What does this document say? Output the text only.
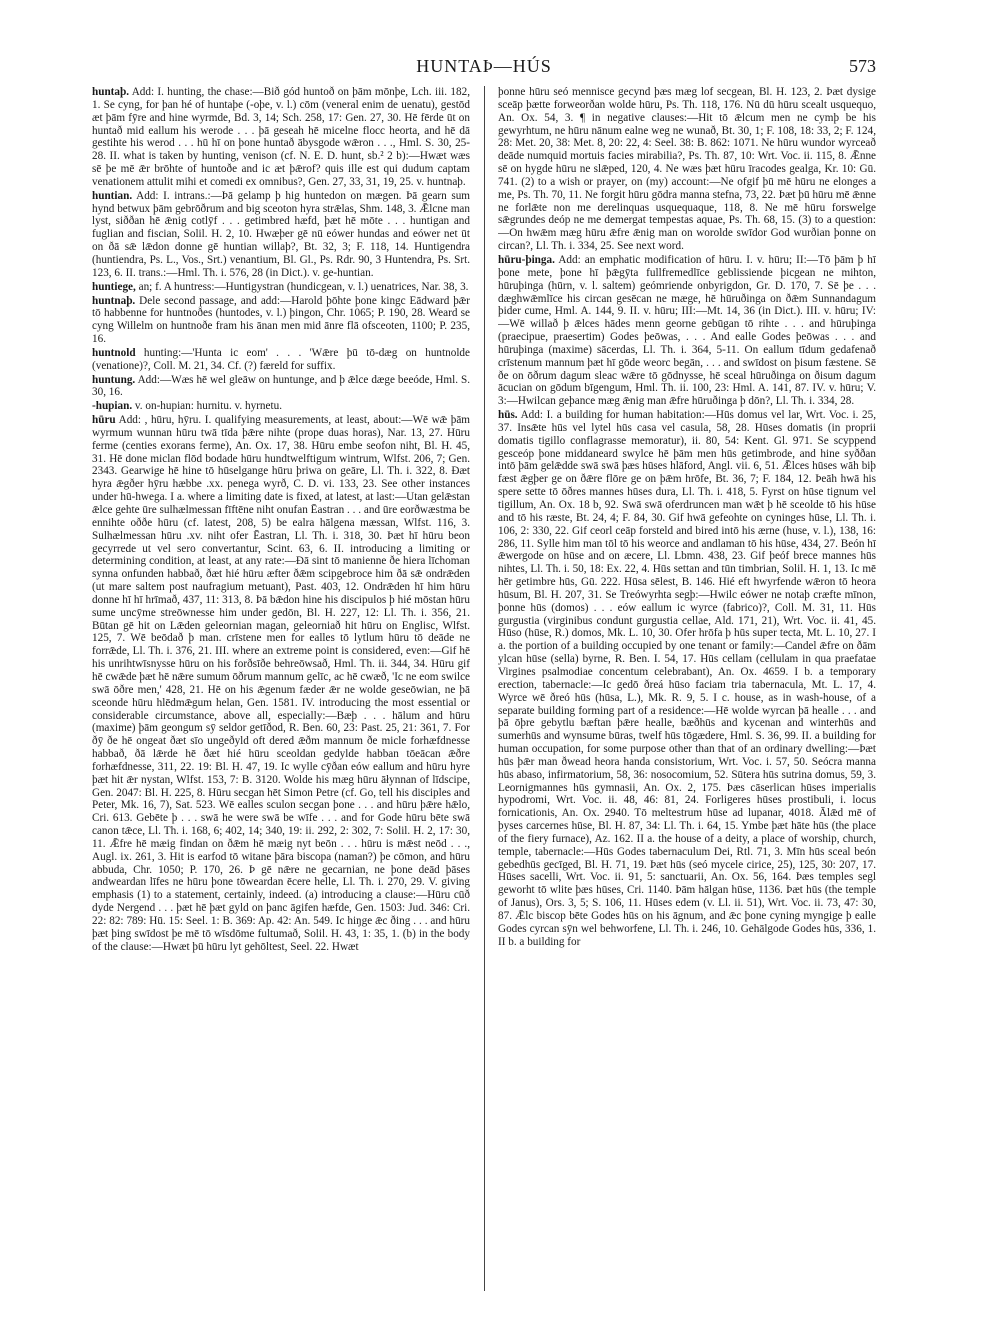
HUNTAÞ—HÚS	573

huntaþ. Add: I. hunting, the chase:—Bið gód huntoð on þām mōnþe, Lch. iii. 182, 1. Se cyng, for þan hé of huntaþe (-oþe, v. l.) cōm (veneral enim de uenatu), gestōd æt þām fȳre and hine wyrmde, Bd. 3, 14; Sch. 258, 17: Gen. 27, 30. Hē fērde ūt on huntað mid eallum his werode . . . þā geseah hē micelne flocc heorta, and hē dā gestihte his werod . . . hū hī on þone huntað ābysgode wǣron . . ., Hml. S. 30, 25-28. II. what is taken by hunting, venison (cf. N. E. D. hunt, sb.² 2 b):—Hwæt wæs sē þe mē ǣr brōhte of huntoðe and ic æt þǣrof? quis ille est qui dudum captam venationem attulit mihi et comedi ex omnibus?, Gen. 27, 33, 31, 19, 25. v. huntnaþ.

huntian. Add: I. intrans.:—Þā gelamp þ hig huntedon on mægen. Þā gearn sum hynd betwux þām gebrōðrum and big sceoton hyra strǣlas, Shm. 148, 3. Ǣlcne man lyst, siððan hē ǣnig cotlȳf . . . getimbred hæfd, þæt hē mōte . . . huntigan and fuglian and fiscian, Solil. H. 2, 10. Hwæþer gē nū eówer hundas and eówer net ūt on ðā sǣ lǣdon donne gē huntian willaþ?, Bt. 32, 3; F. 118, 14. Huntigendra (huntiendra, Ps. L., Vos., Srt.) venantium, Bl. Gl., Ps. Rdr. 90, 3 Huntendra, Ps. Srt. 123, 6. II. trans.:—Hml. Th. i. 576, 28 (in Dict.). v. ge-huntian.

huntiege, an; f. A huntress:—Huntigystran (hundicgean, v. l.) uenatrices, Nar. 38, 3.

huntnaþ. Dele second passage, and add:—Harold þōhte þone kingc Eādward þǣr tō habbenne for huntnoðes (huntodes, v. l.) þingon, Chr. 1065; P. 190, 28. Weard se cyng Willelm on huntnoðe fram his ānan men mid ānre flā ofsceoten, 1100; P. 235, 16.

huntnold hunting:—'Hunta ic eom' . . . 'Wǣre þū tō-dæg on huntnolde (venatione)?, Coll. M. 21, 34. Cf. (?) færeld for suffix.

huntung. Add:—Wæs hē wel gleāw on huntunge, and þ ǣlce dæge beeóde, Hml. S. 30, 16.

-hupian. v. on-hupian: hurnitu. v. hyrnetu.

hūru Add: , hūru, hȳru. I. qualifying measurements, at least, about:—Wē wǣ þām wyrmum wunnan hūru twā tīda þǣre nihte (prope duas horas), Nar. 13, 27. Hūru ferme (centies exorans ferme), An. Ox. 17, 38. Hūru embe seofon niht, Bl. H. 45, 31. Hē done miclan flōd bodade hūru hundtwelftigum wintrum, Wlfst. 206, 7; Gen. 2343. Gearwige hē hine tō hūselgange hūru þriwa on geāre, Ll. Th. i. 322, 8. Ðæt hyra ǣgðer hȳru hæbbe .xx. penega wyrð, C. D. vi. 133, 23. See other instances under hū-hwega. I a. where a limiting date is fixed, at latest, at last:—Utan gelǣstan ǣlce gehte ūre sulhælmessan fīftēne niht onufan Ēastran . . . and ūre eorðwæstma be ennihte oððe hūru (cf. latest, 208, 5) be ealra hālgena mæssan, Wlfst. 116, 3. Sulhælmessan hūru .xv. niht ofer Ēastran, Ll. Th. i. 318, 30. Þæt hī hūru beon gecyrrede ut vel sero convertantur, Scint. 63, 6. II. introducing a limiting or determining condition, at least, at any rate:—Ðā sint tō manienne ðe hiera līchoman synna onfunden habbað, ðæt hié hūru æfter ðǣm scipgebroce him ðā sǣ ondrǣden (ut mare saltem post naufragium metuant), Past. 403, 12. Ondrǣden hī him hūru donne hī hī hrīmað, 437, 11: 313, 8. Þā bǣdon hine his discipulos þ hié mōstan hūru sume uncȳme streōwnesse him under gedōn, Bl. H. 227, 12: Ll. Th. i. 356, 21. Būtan gē hit on Lǣden geleornian magan, geleorniað hit hūru on Englisc, Wlfst. 125, 7. Wē beōdað þ man. crīstene men for ealles tō lytlum hūru tō deāde ne forrǣde, Ll. Th. i. 376, 21. III. where an extreme point is considered, even:—Gif hē his unrihtwīsnysse hūru on his forðsīðe behreōwsað, Hml. Th. ii. 344, 34. Hūru gif hē cwǣde þæt hē nǣre sumum ōðrum mannum gelīc, ac hē cwæð, 'Ic ne eom swilce swā ōðre men,' 428, 21. Hē on his ǣgenum fæder ǣr ne wolde geseōwian, ne þā sceonde hūru hlēdmǣgum helan, Gen. 1581. IV. introducing the most essential or considerable circumstance, above all, especially:—Bæþ . . . hālum and hūru (maxime) þām geongum sȳ seldor getīðod, R. Ben. 60, 23: Past. 25, 21: 361, 7. For ðȳ ðe hē ongeat ðæt sīo ungeðyld oft dered ǣðm mannum ðe micle forhæfdnesse habbað, ðā lǣrde hē ðæt hié hūru sceoldan gedylde habban tōeācan ǣðre forhæfdnesse, 311, 22. 19: Bl. H. 47, 19. Ic wylle cȳðan eów eallum and hūru hyre þæt hit ǣr nystan, Wlfst. 153, 7: B. 3120. Wolde his mæg hūru āłynnan of līdscipe, Gen. 2047: Bl. H. 225, 8. Hūru secgan hēt Simon Petre (cf. Go, tell his disciples and Peter, Mk. 16, 7), Sat. 523. Wē ealles sculon secgan þone . . . and hūru þǣre hǣlo, Cri. 613. Gebēte þ . . . swā he were swā be wīfe . . . and for Gode hūru bēte swā canon tǣce, Ll. Th. i. 168, 6; 402, 14; 340, 19: ii. 292, 2: 302, 7: Solil. H. 2, 17: 30, 11. Ǣfre hē mæig findan on ðǣm hē mæig nyt beōn . . . hūru is mǣst neōd . . ., Augl. ix. 261, 3. Hit is earfod tō witane þāra biscopa (naman?) þe cōmon, and hūru abbuda, Chr. 1050; P. 170, 26. Þ gē nǣre ne gecarnian, ne þone deād þāses andweardan līfes ne hūru þone tōweardan ēcere helle, Ll. Th. i. 270, 29. V. giving emphasis (1) to a statement, certainly, indeed. (a) introducing a clause:—Hūru cūð dyde Nergend . . . þæt hē þæt gyld on þanc āgifen hæfde, Gen. 1503: Jud. 346: Cri. 22: 82: 789: Hū. 15: Seel. 1: B. 369: Ap. 42: An. 549. Ic hiŋge ǣc ðing . . . and hūru þæt þing swīdost þe mē tō wīsdōme fultumað, Solil. H. 43, 1: 35, 1. (b) in the body of the clause:—Hwæt þū hūru lyt gehōltest, Seel. 22. Hwæt

þonne hūru seó mennisce gecynd þæs mæg lof secgean, Bl. H. 123, 2. Þæt dysige sceāp þætte forweorðan wolde hūru, Ps. Th. 118, 176. Nū dū hūru scealt usquequo, An. Ox. 54, 3. ¶ in negative clauses:—Hit tō ǣlcum men ne cymþ be his gewyrhtum, ne hūru nānum ealne weg ne wunað, Bt. 30, 1; F. 108, 18: 33, 2; F. 124, 28: Met. 20, 38: Met. 8, 20: 22, 4: Seel. 38: B. 862: 1071. Ne hūru wundor wyrceað deāde numquid mortuis facies mirabilia?, Ps. Th. 87, 10: Wrt. Voc. ii. 115, 8. Ǣnne sē on hygde hūru ne slǣped, 120, 4. Ne wæs þæt hūru īracodes gealga, Kr. 10: Gū. 741. (2) to a wish or prayer, on (my) account:—Ne ofgif þū mē hūru ne elonges a me, Ps. Th. 70, 11. Ne forgit hūru gōdra manna stefna, 73, 22. Þæt þū hūru mē ǣnne ne forlǣte non me derelinquas usquequaque, 118, 8. Ne mē hūru forswelge sǣgrundes deóp ne me demergat tempestas aquae, Ps. Th. 68, 15. (3) to a question:—On hwǣm mæg hūru ǣfre ǣnig man on worolde swīdor God wurðian þonne on circan?, Ll. Th. i. 334, 25. See next word.

hūru-þinga. Add: an emphatic modification of hūru. I. v. hūru; II:—Tō þām þ hī þone mete, þone hī þǣgȳta fullfremedlīce geblissiende þicgean ne mihton, hūruþinga (hūrn, v. l. saltem) geómriende onbyrigdon, Gr. D. 170, 7. Sē þe . . . dæghwǣmlīce his circan gesēcan ne mæge, hē hūruðinga on ðǣm Sunnandagum þider cume, Hml. A. 144, 9. II. v. hūru; III:—Mt. 14, 36 (in Dict.). III. v. hūru; IV:—Wē willað þ ǣlces hādes menn georne gebūgan tō rihte . . . and hūruþinga (praecipue, praesertim) Godes þeōwas, . . . And ealle Godes þeōwas . . . and hūruþinga (maxime) sācerdas, Ll. Th. i. 364, 5-11. On eallum tīdum gedafenað crīstenum mannum þæt hī gōde weorc begān, . . . and swīdost on þisum fæstene. Sē ðe on ōðrum dagum sleac wǣre tō gōdnysse, hē sceal hūruðinga on ðisum dagum ācucian on gōdum bīgengum, Hml. Th. ii. 100, 23: Hml. A. 141, 87. IV. v. hūru; V. 3:—Hwilcan geþance mæg ǣnig man ǣfre hūruðinga þ dōn?, Ll. Th. i. 334, 28.

hūs. Add: I. a building for human habitation:—Hūs domus vel lar, Wrt. Voc. i. 25, 37. Insǣte hūs vel lytel hūs casa vel casula, 58, 28. Hūses domatis (in proprii domatis tigillo conflagrasse memoratur), ii. 80, 54: Kent. Gl. 971. Se scyppend gesceóp þone middaneard swylce hē þām men hūs getimbrode, and hine syððan intō þām gelǣdde swā swā þæs hūses hlāford, Angl. vii. 6, 51. Ǣlces hūses wāh biþ fæst ǣgþer ge on ðǣre flōre ge on þǣm hrōfe, Bt. 36, 7; F. 184, 12. Þeāh hwā his spere sette tō ōðres mannes hūses dura, Ll. Th. i. 418, 5. Fyrst on hūse tignum vel tigillum, An. Ox. 18 b, 92. Swā swā oferdruncen man wǣt þ hē sceolde tō his hūse and tō his ræste, Bt. 24, 4; F. 84, 30. Gif hwā gefeohte on cyninges hūse, Ll. Th. i. 106, 2: 330, 22. Gif ceorl ceāp forsteld and bired intō his ærne (huse, v. l.), 138, 16: 286, 11. Sylle him man tōl tō his weorce and andlaman tō his hūse, 434, 27. Beón hī ǣwergode on hūse and on æcere, Ll. Lbmn. 438, 23. Gif þeóf brece mannes hūs nihtes, Ll. Th. i. 50, 18: Ex. 22, 4. Hūs settan and tūn timbrian, Solil. H. 1, 13. Ic mē hēr getimbre hūs, Gū. 222. Hūsa sēlest, B. 146. Hié eft hwyrfende wǣron tō heora hūsum, Bl. H. 207, 31. Se Treówyrhta segþ:—Hwilc eówer ne notaþ cræfte mīnon, þonne hūs (domos) . . . eów eallum ic wyrce (fabrico)?, Coll. M. 31, 11. Hūs gurgustia (virginibus condunt gurgustia cellae, Ald. 171, 21), Wrt. Voc. ii. 41, 45. Hūso (hūse, R.) domos, Mk. L. 10, 30. Ofer hrōfa þ hūs super tecta, Mt. L. 10, 27. I a. the portion of a building occupied by one tenant or family:—Candel ǣfre on ðām ylcan hūse (sella) byrne, R. Ben. I. 54, 17. Hūs cellam (cellulam in qua praefatae Virgines psalmodiae concentum celebrabant), An. Ox. 4659. I b. a temporary erection, tabernacle:—Ic gedō ðreá hūso faciam tria tabernacula, Mt. L. 17, 4. Wyrce wē ðreó hūs (hūsa, L.), Mk. R. 9, 5. I c. house, as in wash-house, of a separate building forming part of a residence:—Hē wolde wyrcan þā healle . . . and þā ōþre gebytlu bæftan þǣre healle, bæðhūs and kycenan and winterhūs and sumerhūs and wynsume būras, twelf hūs tōgædere, Hml. S. 36, 99. II. a building for human occupation, for some purpose other than that of an ordinary dwelling:—Þæt hūs þǣr man ðwead heora handa consistorium, Wrt. Voc. i. 57, 50. Seócra manna hūs abaso, infirmatorium, 58, 36: nosocomium, 52. Sūtera hūs sutrina domus, 59, 3. Leornigmannes hūs gymnasii, An. Ox. 2, 175. Þæs cāserlican hūses imperialis hypodromi, Wrt. Voc. ii. 48, 46: 81, 24. Forligeres hūses prostibuli, i. locus fornicationis, An. Ox. 2940. Tō meltestrum hūse ad lupanar, 4018. Ālǣd mē of þyses carcernes hūse, Bl. H. 87, 34: Ll. Th. i. 64, 15. Ymbe þæt hāte hūs (the place of the fiery furnace), Az. 162. II a. the house of a deity, a place of worship, church, temple, tabernacle:—Hūs Godes tabernaculum Dei, Rtl. 71, 3. Mīn hūs sceal beón gebedhūs gecīged, Bl. H. 71, 19. Þæt hūs (seó mycele cirice, 25), 125, 30: 207, 17. Hūses sacelli, Wrt. Voc. ii. 91, 5: sanctuarii, An. Ox. 56, 164. Þæs temples segl geworht tō wlite þæs hūses, Cri. 1140. Þām hālgan hūse, 1136. Þæt hūs (the temple of Janus), Ors. 3, 5; S. 106, 11. Hūses edem (v. Ll. ii. 51), Wrt. Voc. ii. 73, 47: 30, 87. Ǣlc biscop bēte Godes hūs on his āgnum, and ǣc þone cyning myngige þ ealle Godes cyrcan sȳn wel behworfene, Ll. Th. i. 246, 10. Gehālgode Godes hūs, 336, 1. II b. a building for
